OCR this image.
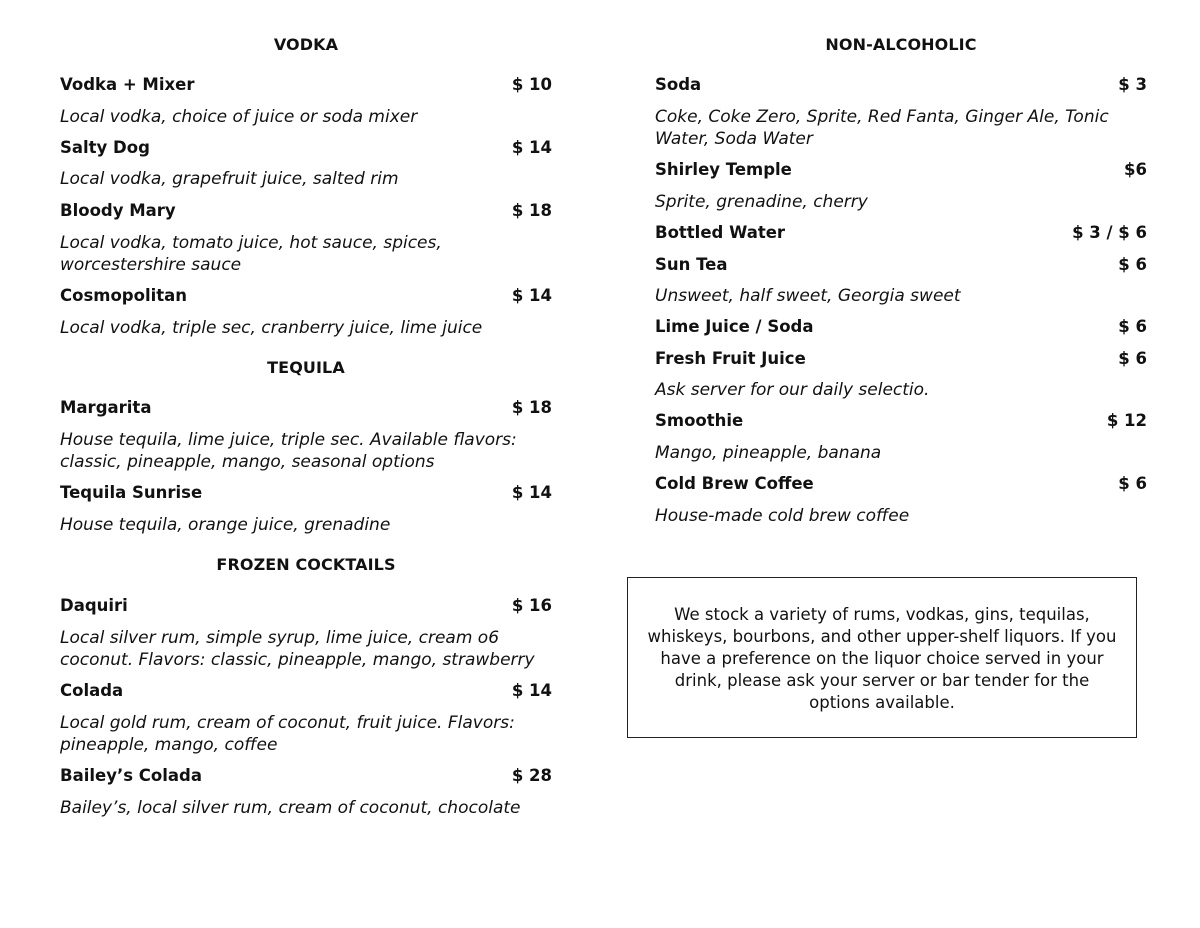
VODKA
Vodka + Mixer	$ 10
Local vodka, choice of juice or soda mixer
Salty Dog	$ 14
Local vodka, grapefruit juice, salted rim
Bloody Mary	$ 18
Local vodka, tomato juice, hot sauce, spices, worcestershire sauce
Cosmopolitan	$ 14
Local vodka, triple sec, cranberry juice, lime juice
TEQUILA
Margarita	$ 18
House tequila, lime juice, triple sec. Available flavors: classic, pineapple, mango, seasonal options
Tequila Sunrise	$ 14
House tequila, orange juice, grenadine
FROZEN COCKTAILS
Daquiri	$ 16
Local silver rum, simple syrup, lime juice, cream o6 coconut. Flavors: classic, pineapple, mango, strawberry
Colada	$ 14
Local gold rum, cream of coconut, fruit juice. Flavors: pineapple, mango, coffee
Bailey’s Colada	$ 28
Bailey’s, local silver rum, cream of coconut, chocolate
NON-ALCOHOLIC
Soda	$ 3
Coke, Coke Zero, Sprite, Red Fanta, Ginger Ale, Tonic Water, Soda Water
Shirley Temple	$6
Sprite, grenadine, cherry
Bottled Water	$ 3 / $ 6
Sun Tea	$ 6
Unsweet, half sweet, Georgia sweet
Lime Juice / Soda	$ 6
Fresh Fruit Juice	$ 6
Ask server for our daily selectio.
Smoothie	$ 12
Mango, pineapple, banana
Cold Brew Coffee	$ 6
House-made cold brew coffee
We stock a variety of rums, vodkas, gins, tequilas, whiskeys, bourbons, and other upper-shelf liquors. If you have a preference on the liquor choice served in your drink, please ask your server or bar tender for the options available.
